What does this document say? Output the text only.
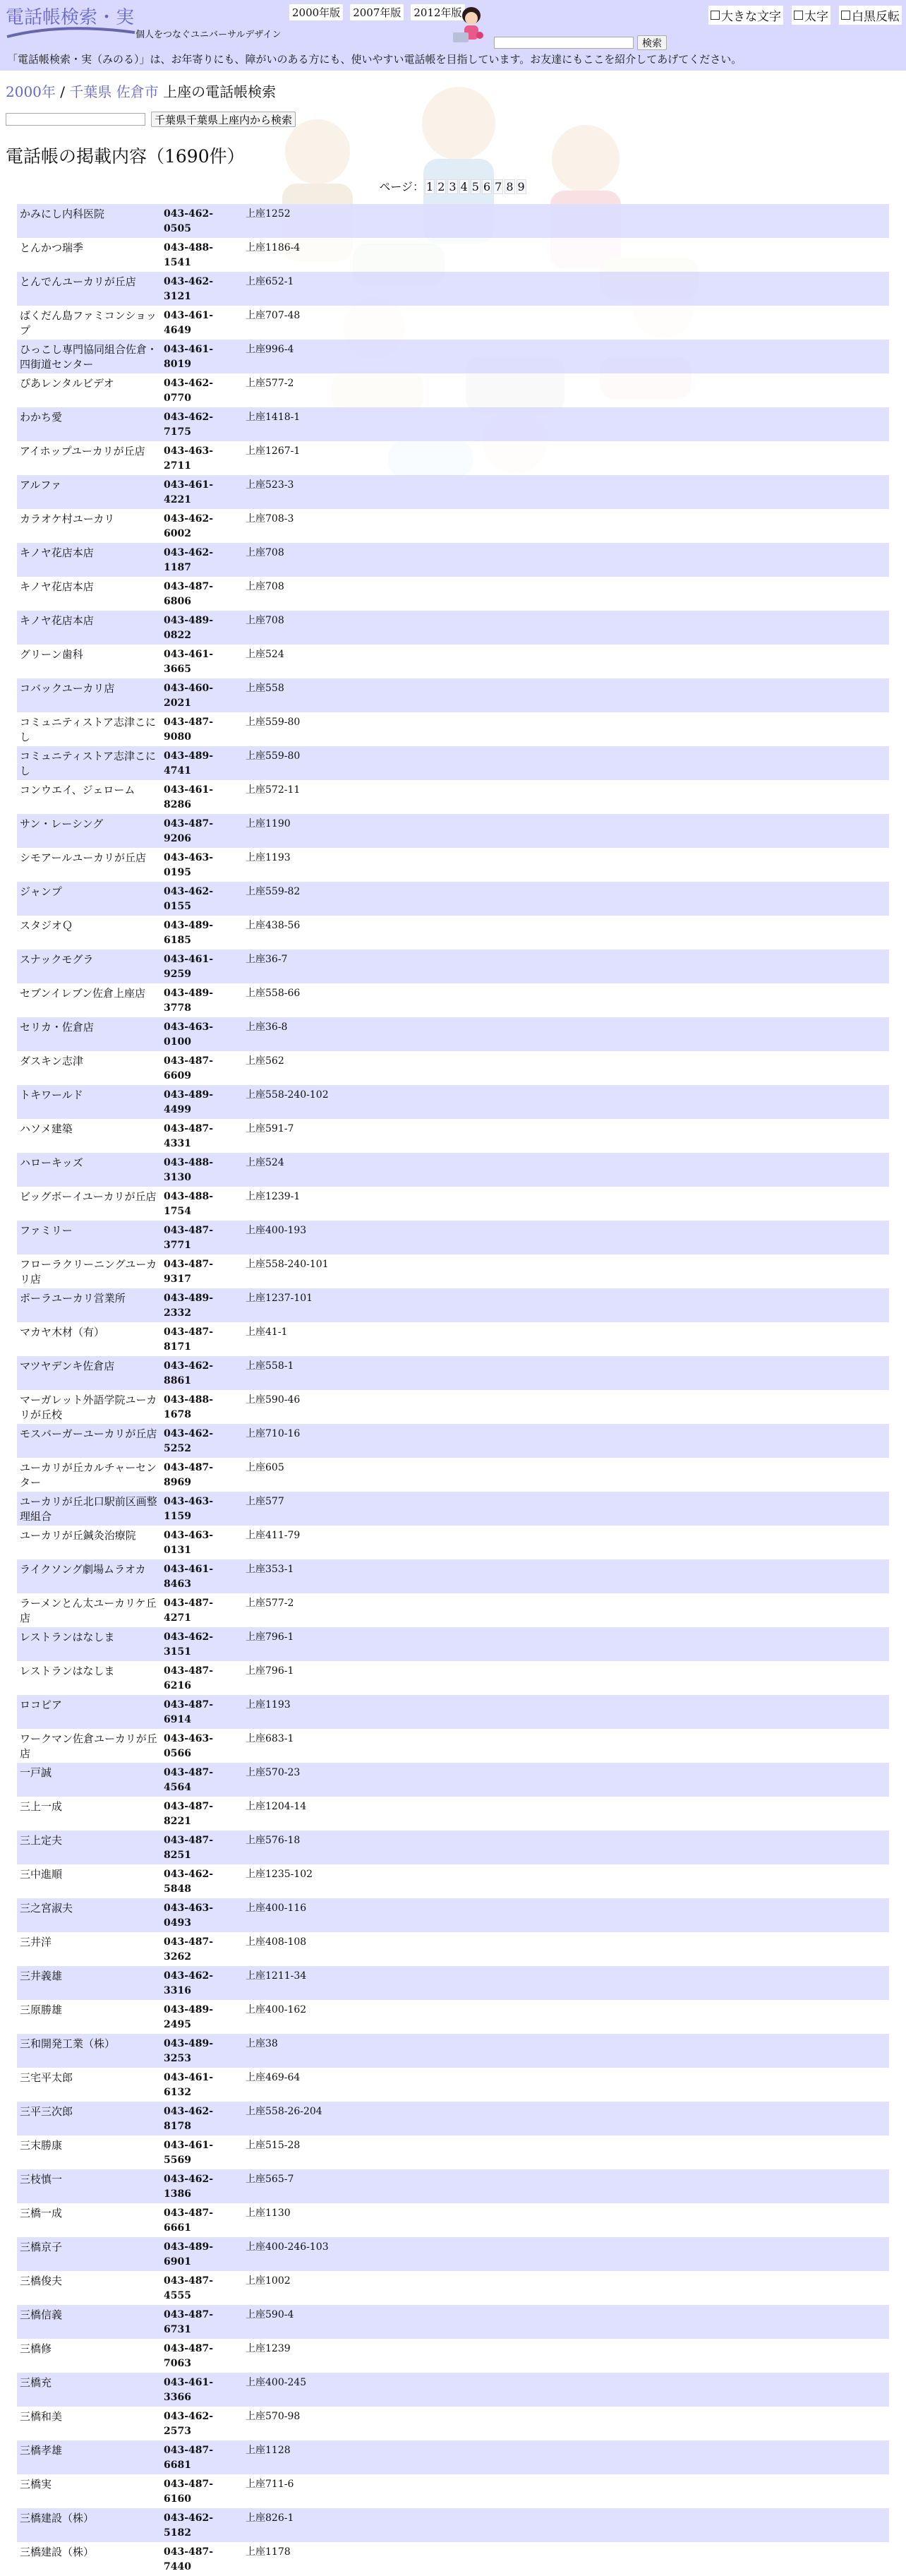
電話帳検索・実
個人をつなぐユニバーサルデザイン
2000年版 2007年版 2012年版
検索
大きな文字 太字 白黒反転
「電話帳検索・実（みのる）」は、お年寄りにも、障がいのある方にも、使いやすい電話帳を目指しています。お友達にもここを紹介してあげてください。
2000年 / 千葉県 佐倉市 上座の電話帳検索
千葉県千葉県上座内から検索
電話帳の掲載内容（1690件）
ページ： 1 2 3 4 5 6 7 8 9
かみにし内科医院	043-462-0505	上座1252
とんかつ瑞季	043-488-1541	上座1186-4
とんでんユーカリが丘店	043-462-3121	上座652-1
ばくだん島ファミコンショップ	043-461-4649	上座707-48
ひっこし専門協同組合佐倉・四街道センター	043-461-8019	上座996-4
ぴあレンタルビデオ	043-462-0770	上座577-2
わかち愛	043-462-7175	上座1418-1
アイホップユーカリが丘店	043-463-2711	上座1267-1
アルファ	043-461-4221	上座523-3
カラオケ村ユーカリ	043-462-6002	上座708-3
キノヤ花店本店	043-462-1187	上座708
キノヤ花店本店	043-487-6806	上座708
キノヤ花店本店	043-489-0822	上座708
グリーン歯科	043-461-3665	上座524
コバックユーカリ店	043-460-2021	上座558
コミュニティストア志津こにし	043-487-9080	上座559-80
コミュニティストア志津こにし	043-489-4741	上座559-80
コンウエイ、ジェローム	043-461-8286	上座572-11
サン・レーシング	043-487-9206	上座1190
シモアールユーカリが丘店	043-463-0195	上座1193
ジャンプ	043-462-0155	上座559-82
スタジオＱ	043-489-6185	上座438-56
スナックモグラ	043-461-9259	上座36-7
セブンイレブン佐倉上座店	043-489-3778	上座558-66
セリカ・佐倉店	043-463-0100	上座36-8
ダスキン志津	043-487-6609	上座562
トキワールド	043-489-4499	上座558-240-102
ハソメ建築	043-487-4331	上座591-7
ハローキッズ	043-488-3130	上座524
ビッグボーイユーカリが丘店	043-488-1754	上座1239-1
ファミリー	043-487-3771	上座400-193
フローラクリーニングユーカリ店	043-487-9317	上座558-240-101
ポーラユーカリ営業所	043-489-2332	上座1237-101
マカヤ木材（有）	043-487-8171	上座41-1
マツヤデンキ佐倉店	043-462-8861	上座558-1
マーガレット外語学院ユーカリが丘校	043-488-1678	上座590-46
モスバーガーユーカリが丘店	043-462-5252	上座710-16
ユーカリが丘カルチャーセンター	043-487-8969	上座605
ユーカリが丘北口駅前区画整理組合	043-463-1159	上座577
ユーカリが丘鍼灸治療院	043-463-0131	上座411-79
ライクソング劇場ムラオカ	043-461-8463	上座353-1
ラーメンとん太ユーカリケ丘店	043-487-4271	上座577-2
レストランはなしま	043-462-3151	上座796-1
レストランはなしま	043-487-6216	上座796-1
ロコピア	043-487-6914	上座1193
ワークマン佐倉ユーカリが丘店	043-463-0566	上座683-1
一戸誠	043-487-4564	上座570-23
三上一成	043-487-8221	上座1204-14
三上定夫	043-487-8251	上座576-18
三中進順	043-462-5848	上座1235-102
三之宮淑夫	043-463-0493	上座400-116
三井洋	043-487-3262	上座408-108
三井義雄	043-462-3316	上座1211-34
三原勝雄	043-489-2495	上座400-162
三和開発工業（株）	043-489-3253	上座38
三宅平太郎	043-461-6132	上座469-64
三平三次郎	043-462-8178	上座558-26-204
三末勝康	043-461-5569	上座515-28
三枝慎一	043-462-1386	上座565-7
三橋一成	043-487-6661	上座1130
三橋京子	043-489-6901	上座400-246-103
三橋俊夫	043-487-4555	上座1002
三橋信義	043-487-6731	上座590-4
三橋修	043-487-7063	上座1239
三橋充	043-461-3366	上座400-245
三橋和美	043-462-2573	上座570-98
三橋孝雄	043-487-6681	上座1128
三橋実	043-487-6160	上座711-6
三橋建設（株）	043-462-5182	上座826-1
三橋建設（株）	043-487-7440	上座1178
